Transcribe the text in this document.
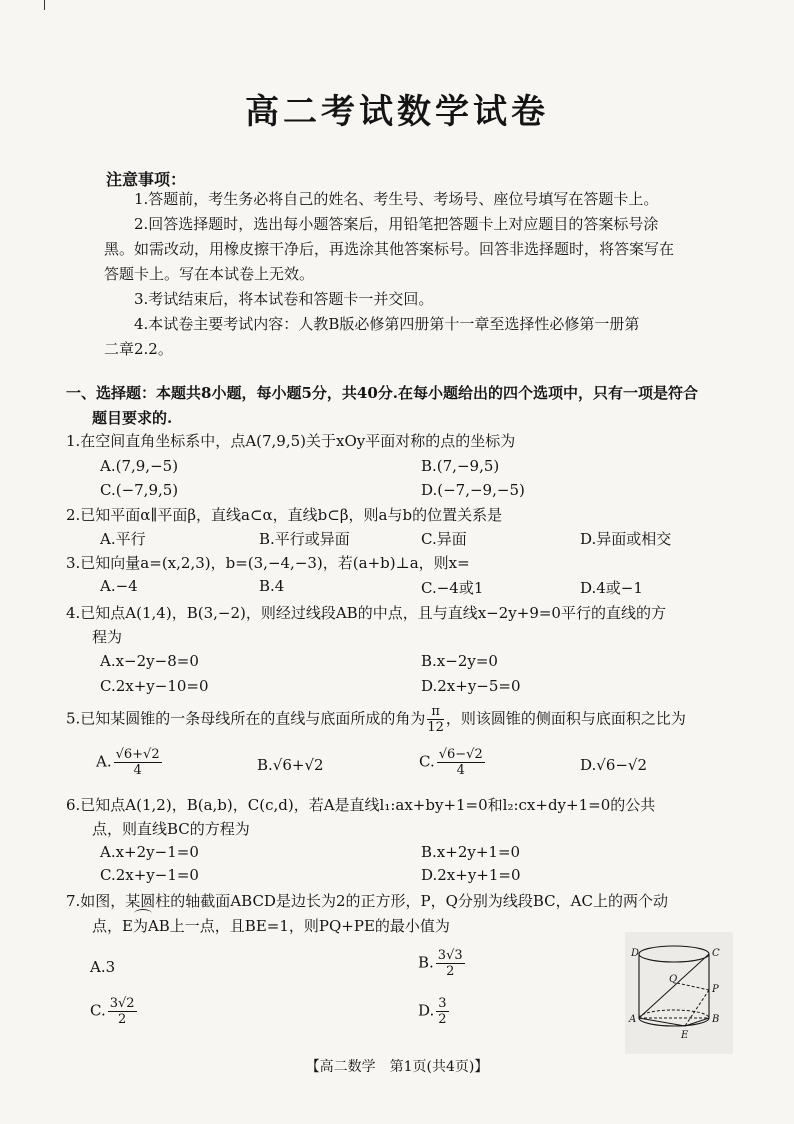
高二考试数学试卷
注意事项：
1.答题前，考生务必将自己的姓名、考生号、考场号、座位号填写在答题卡上。
2.回答选择题时，选出每小题答案后，用铅笔把答题卡上对应题目的答案标号涂
黑。如需改动，用橡皮擦干净后，再选涂其他答案标号。回答非选择题时，将答案写在
答题卡上。写在本试卷上无效。
3.考试结束后，将本试卷和答题卡一并交回。
4.本试卷主要考试内容：人教B版必修第四册第十一章至选择性必修第一册第
二章2.2。
一、选择题：本题共8小题，每小题5分，共40分.在每小题给出的四个选项中，只有一项是符合
题目要求的.
1.在空间直角坐标系中，点A(7,9,5)关于xOy平面对称的点的坐标为
A.(7,9,−5)	B.(7,−9,5)
C.(−7,9,5)	D.(−7,−9,−5)
2.已知平面α∥平面β，直线a⊂α，直线b⊂β，则a与b的位置关系是
A.平行	B.平行或异面	C.异面	D.异面或相交
3.已知向量a=(x,2,3)，b=(3,−4,−3)，若(a+b)⊥a，则x=
A.−4	B.4	C.−4或1	D.4或−1
4.已知点A(1,4)，B(3,−2)，则经过线段AB的中点，且与直线x−2y+9=0平行的直线的方
程为
A.x−2y−8=0	B.x−2y=0
C.2x+y−10=0	D.2x+y−5=0
5.已知某圆锥的一条母线所在的直线与底面所成的角为 $\frac{\pi}{12}$ ，则该圆锥的侧面积与底面积之比为
A. $\frac{√6+√2}{4}$	B.√6+√2	C. $\frac{√6-√2}{4}$	D.√6−√2
6.已知点A(1,2)，B(a,b)，C(c,d)，若A是直线l₁:ax+by+1=0和l₂:cx+dy+1=0的公共
点，则直线BC的方程为
A.x+2y−1=0	B.x+2y+1=0
C.2x+y−1=0	D.2x+y+1=0
7.如图，某圆柱的轴截面ABCD是边长为2的正方形，P，Q分别为线段BC，AC上的两个动
点，E为AB上一点，且BE=1，则PQ+PE的最小值为
A.3	B. $\frac{3√3}{2}$
C. $\frac{3√2}{2}$	D. $\frac{3}{2}$
D	C
Q
P
A	B
E
【高二数学　第1页(共4页)】
